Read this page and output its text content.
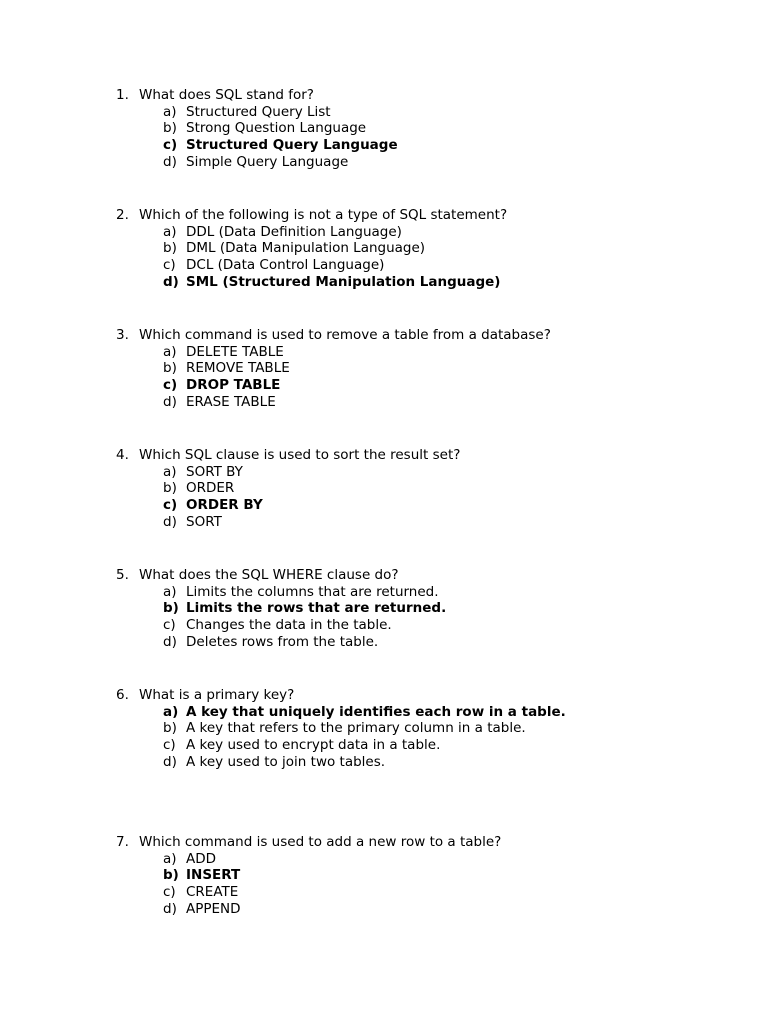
1. What does SQL stand for?
a) Structured Query List
b) Strong Question Language
c) Structured Query Language
d) Simple Query Language
2. Which of the following is not a type of SQL statement?
a) DDL (Data Definition Language)
b) DML (Data Manipulation Language)
c) DCL (Data Control Language)
d) SML (Structured Manipulation Language)
3. Which command is used to remove a table from a database?
a) DELETE TABLE
b) REMOVE TABLE
c) DROP TABLE
d) ERASE TABLE
4. Which SQL clause is used to sort the result set?
a) SORT BY
b) ORDER
c) ORDER BY
d) SORT
5. What does the SQL WHERE clause do?
a) Limits the columns that are returned.
b) Limits the rows that are returned.
c) Changes the data in the table.
d) Deletes rows from the table.
6. What is a primary key?
a) A key that uniquely identifies each row in a table.
b) A key that refers to the primary column in a table.
c) A key used to encrypt data in a table.
d) A key used to join two tables.
7. Which command is used to add a new row to a table?
a) ADD
b) INSERT
c) CREATE
d) APPEND
